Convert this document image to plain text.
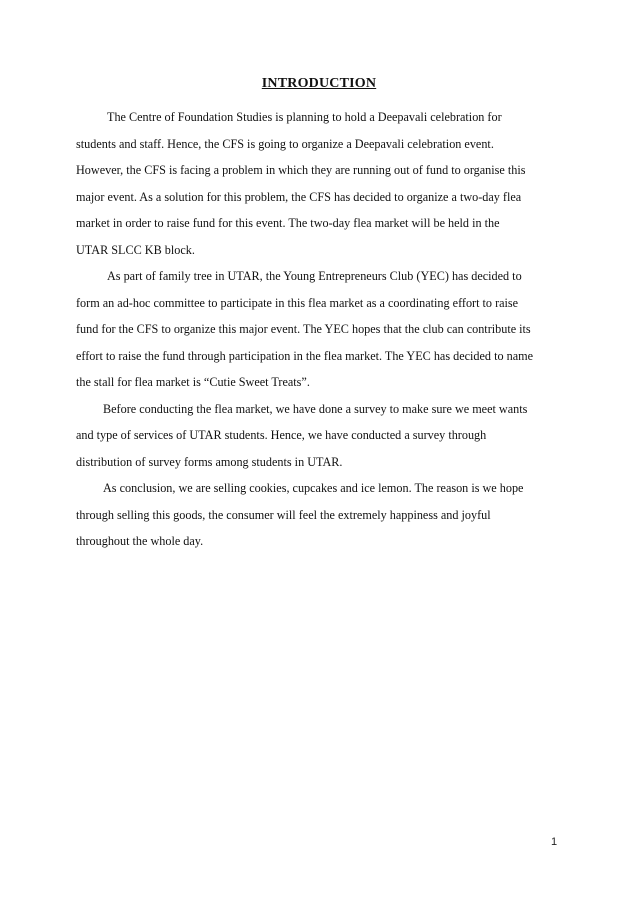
INTRODUCTION

The Centre of Foundation Studies is planning to hold a Deepavali celebration for
students and staff. Hence, the CFS is going to organize a Deepavali celebration event.
However, the CFS is facing a problem in which they are running out of fund to organise this
major event. As a solution for this problem, the CFS has decided to organize a two-day flea
market in order to raise fund for this event. The two-day flea market will be held in the
UTAR SLCC KB block.

As part of family tree in UTAR, the Young Entrepreneurs Club (YEC) has decided to
form an ad-hoc committee to participate in this flea market as a coordinating effort to raise
fund for the CFS to organize this major event. The YEC hopes that the club can contribute its
effort to raise the fund through participation in the flea market. The YEC has decided to name
the stall for flea market is “Cutie Sweet Treats”.

Before conducting the flea market, we have done a survey to make sure we meet wants
and type of services of UTAR students. Hence, we have conducted a survey through
distribution of survey forms among students in UTAR.

As conclusion, we are selling cookies, cupcakes and ice lemon. The reason is we hope
through selling this goods, the consumer will feel the extremely happiness and joyful
throughout the whole day.

1
